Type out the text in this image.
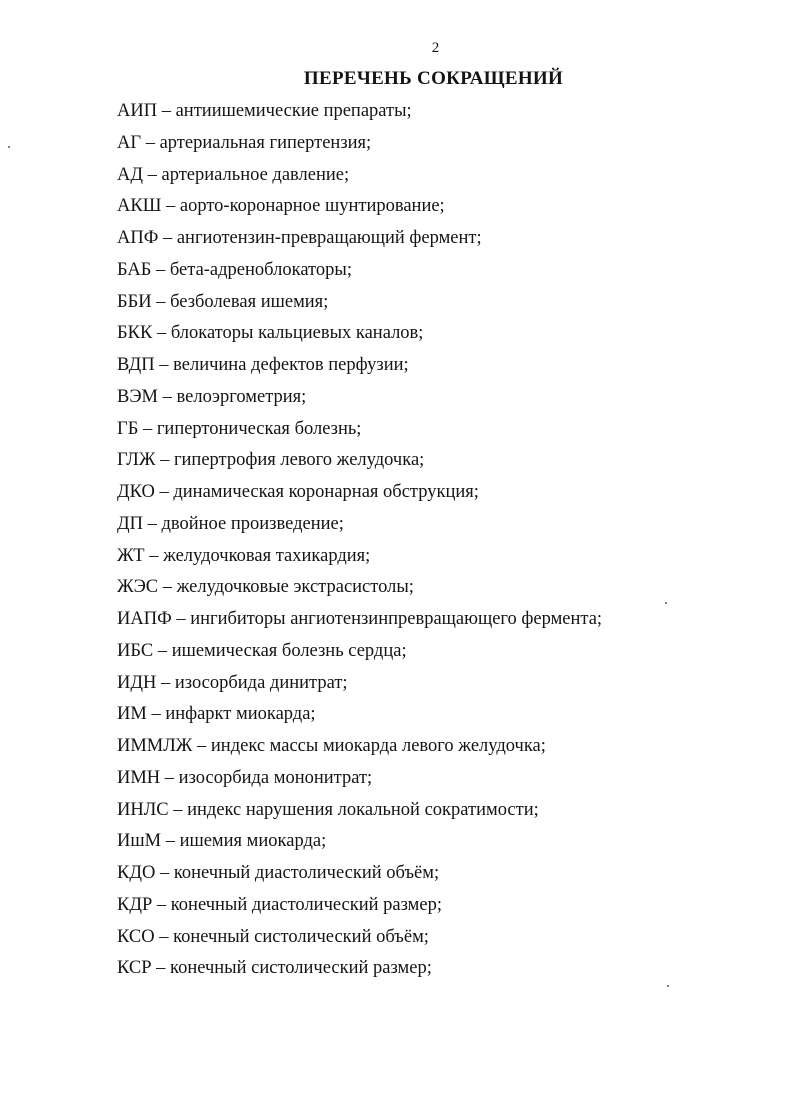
2
ПЕРЕЧЕНЬ СОКРАЩЕНИЙ
АИП – антиишемические препараты;
АГ – артериальная гипертензия;
АД – артериальное давление;
АКШ – аорто-коронарное шунтирование;
АПФ – ангиотензин-превращающий фермент;
БАБ – бета-адреноблокаторы;
ББИ – безболевая ишемия;
БКК – блокаторы кальциевых каналов;
ВДП – величина дефектов перфузии;
ВЭМ – велоэргометрия;
ГБ – гипертоническая болезнь;
ГЛЖ – гипертрофия левого желудочка;
ДКО – динамическая коронарная обструкция;
ДП – двойное произведение;
ЖТ – желудочковая тахикардия;
ЖЭС – желудочковые экстрасистолы;
ИАПФ – ингибиторы ангиотензинпревращающего фермента;
ИБС – ишемическая болезнь сердца;
ИДН – изосорбида динитрат;
ИМ – инфаркт миокарда;
ИММЛЖ – индекс массы миокарда левого желудочка;
ИМН – изосорбида мононитрат;
ИНЛС – индекс нарушения локальной сократимости;
ИшМ – ишемия миокарда;
КДО – конечный диастолический объём;
КДР – конечный диастолический размер;
КСО – конечный систолический объём;
КСР – конечный систолический размер;
